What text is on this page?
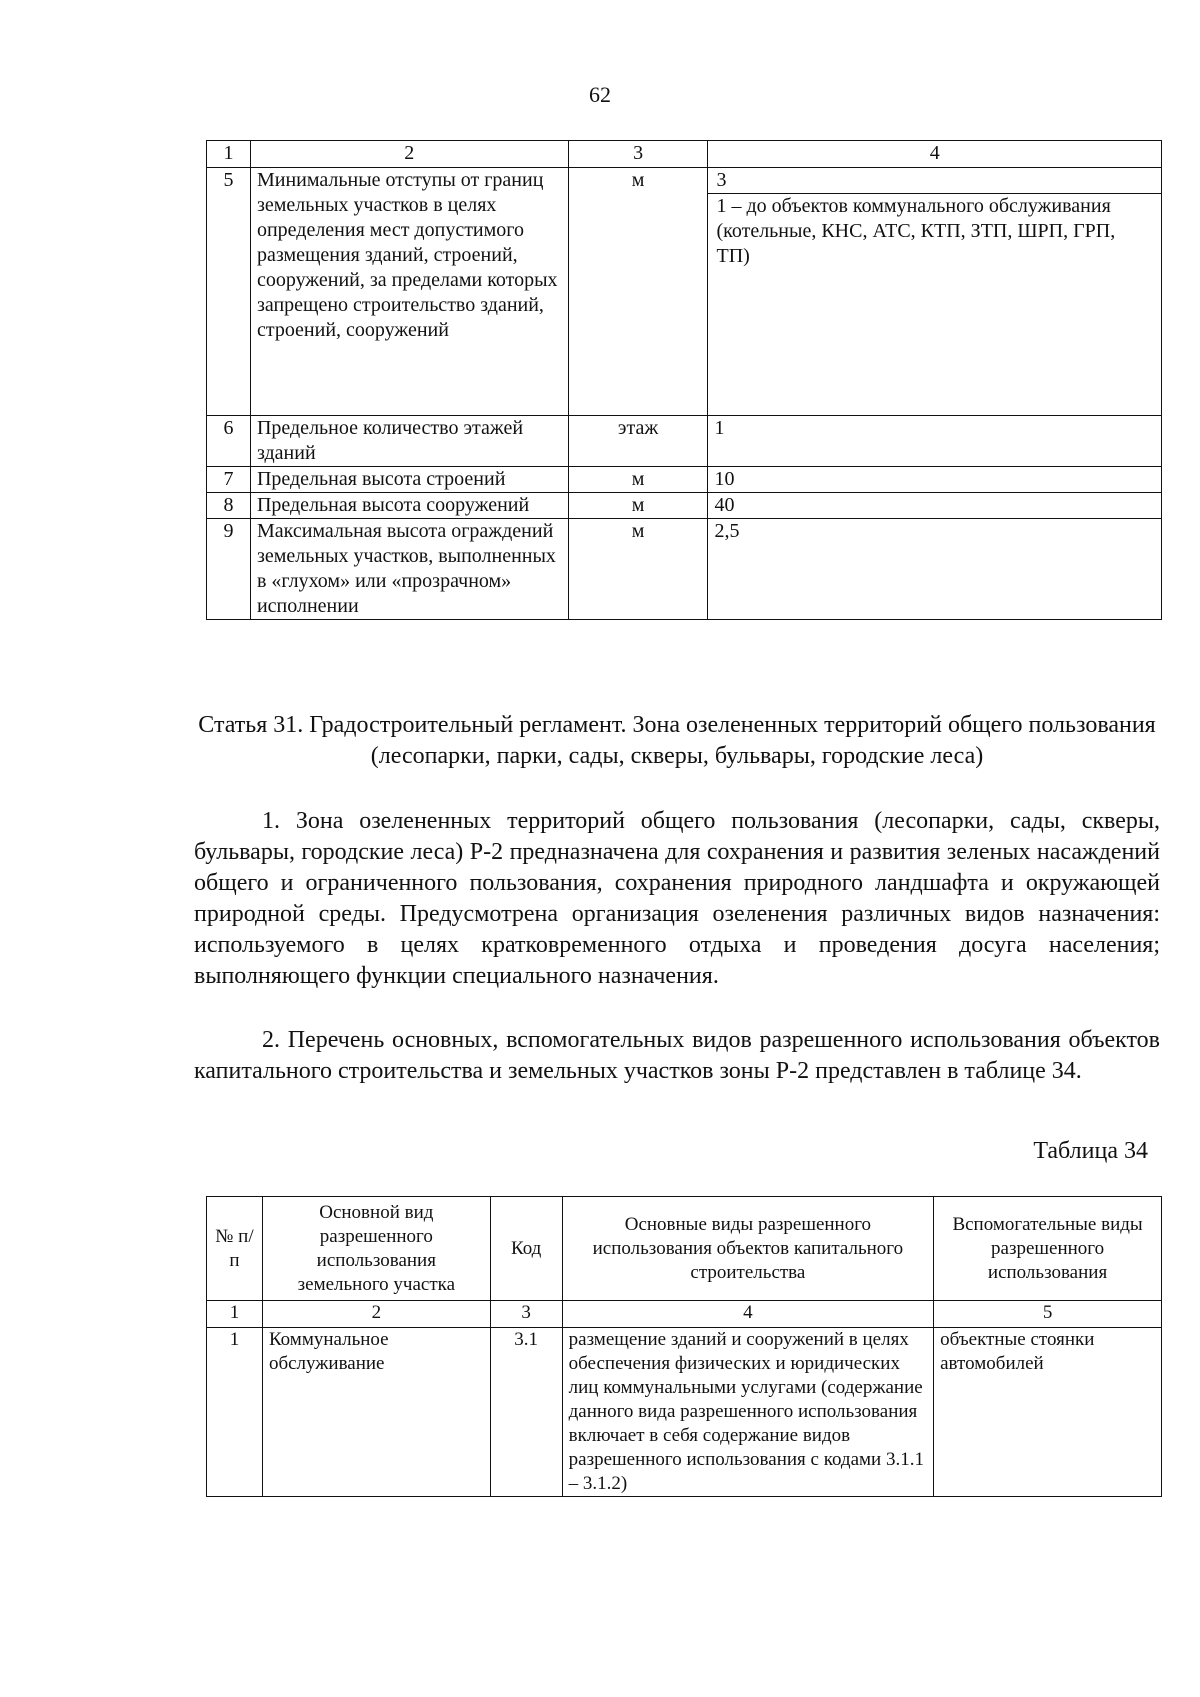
62
1	2	3	4
5	Минимальные отступы от границ земельных участков в целях определения мест допустимого размещения зданий, строений, сооружений, за пределами которых запрещено строительство зданий, строений, сооружений	м	3
1 – до объектов коммунального обслуживания (котельные, КНС, АТС, КТП, ЗТП, ШРП, ГРП, ТП)

6	Предельное количество этажей зданий	этаж	1
7	Предельная высота строений	м	10
8	Предельная высота сооружений	м	40
9	Максимальная высота ограждений земельных участков, выполненных в «глухом» или «прозрачном» исполнении	м	2,5
Статья 31. Градостроительный регламент. Зона озелененных территорий общего пользования (лесопарки, парки, сады, скверы, бульвары, городские леса)
1. Зона озелененных территорий общего пользования (лесопарки, сады, скверы, бульвары, городские леса) Р-2 предназначена для сохранения и развития зеленых насаждений общего и ограниченного пользования, сохранения природного ландшафта и окружающей природной среды. Предусмотрена организация озеленения различных видов назначения: используемого в целях кратковременного отдыха и проведения досуга населения; выполняющего функции специального назначения.
2. Перечень основных, вспомогательных видов разрешенного использования объектов капитального строительства и земельных участков зоны Р-2 представлен в таблице 34.
Таблица 34
№ п/п	Основной вид разрешенного использования земельного участка	Код	Основные виды разрешенного использования объектов капитального строительства	Вспомогательные виды разрешенного использования
1	2	3	4	5
1	Коммунальное обслуживание	3.1	размещение зданий и сооружений в целях обеспечения физических и юридических лиц коммунальными услугами (содержание данного вида разрешенного использования включает в себя содержание видов разрешенного использования с кодами 3.1.1 – 3.1.2)	объектные стоянки автомобилей
